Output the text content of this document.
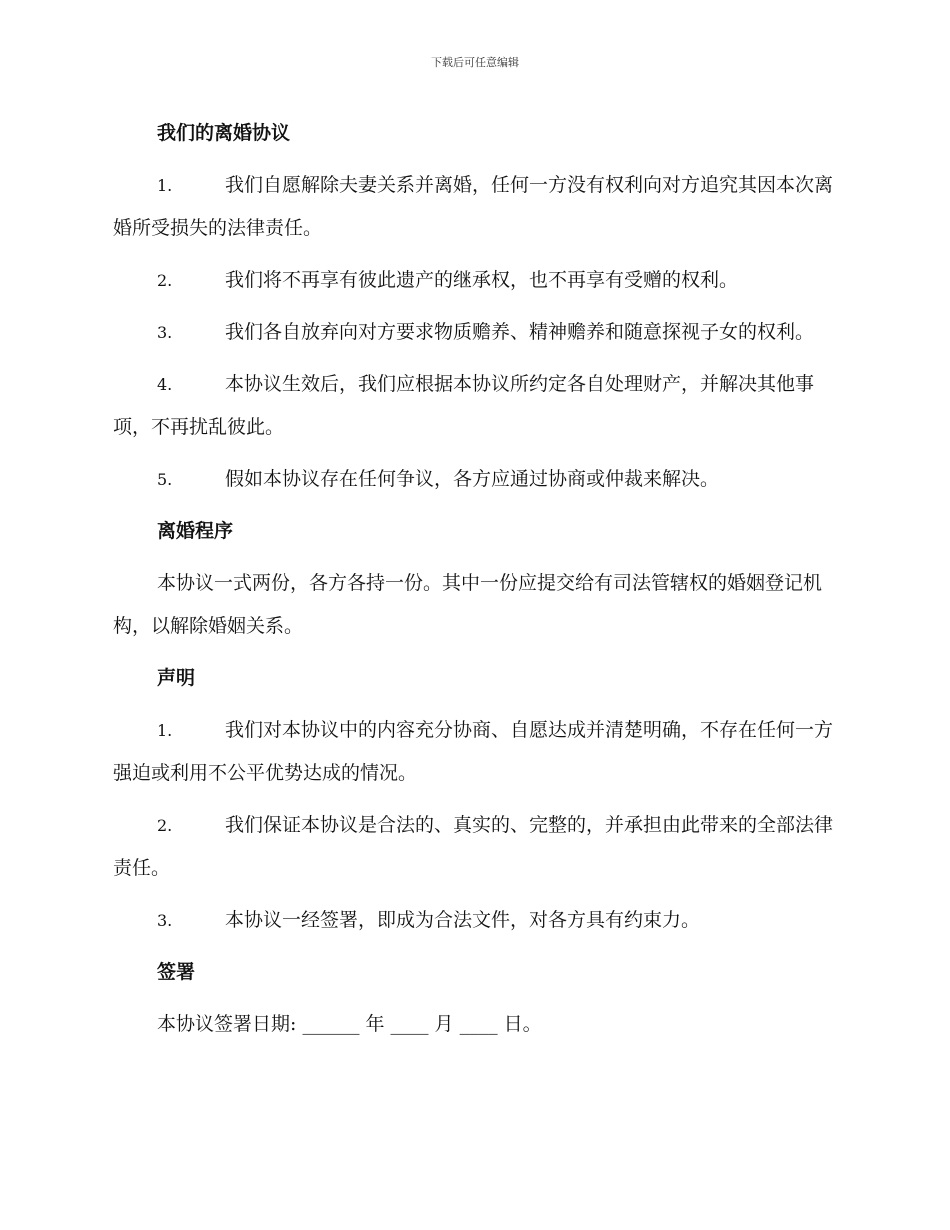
下载后可任意编辑
我们的离婚协议
1.	我们自愿解除夫妻关系并离婚，任何一方没有权利向对方追究其因本次离婚所受损失的法律责任。
2.	我们将不再享有彼此遗产的继承权，也不再享有受赠的权利。
3.	我们各自放弃向对方要求物质赡养、精神赡养和随意探视子女的权利。
4.	本协议生效后，我们应根据本协议所约定各自处理财产，并解决其他事项，不再扰乱彼此。
5.	假如本协议存在任何争议，各方应通过协商或仲裁来解决。
离婚程序
本协议一式两份，各方各持一份。其中一份应提交给有司法管辖权的婚姻登记机构，以解除婚姻关系。
声明
1.	我们对本协议中的内容充分协商、自愿达成并清楚明确，不存在任何一方强迫或利用不公平优势达成的情况。
2.	我们保证本协议是合法的、真实的、完整的，并承担由此带来的全部法律责任。
3.	本协议一经签署，即成为合法文件，对各方具有约束力。
签署
本协议签署日期: ______ 年 ____ 月 ____ 日。
